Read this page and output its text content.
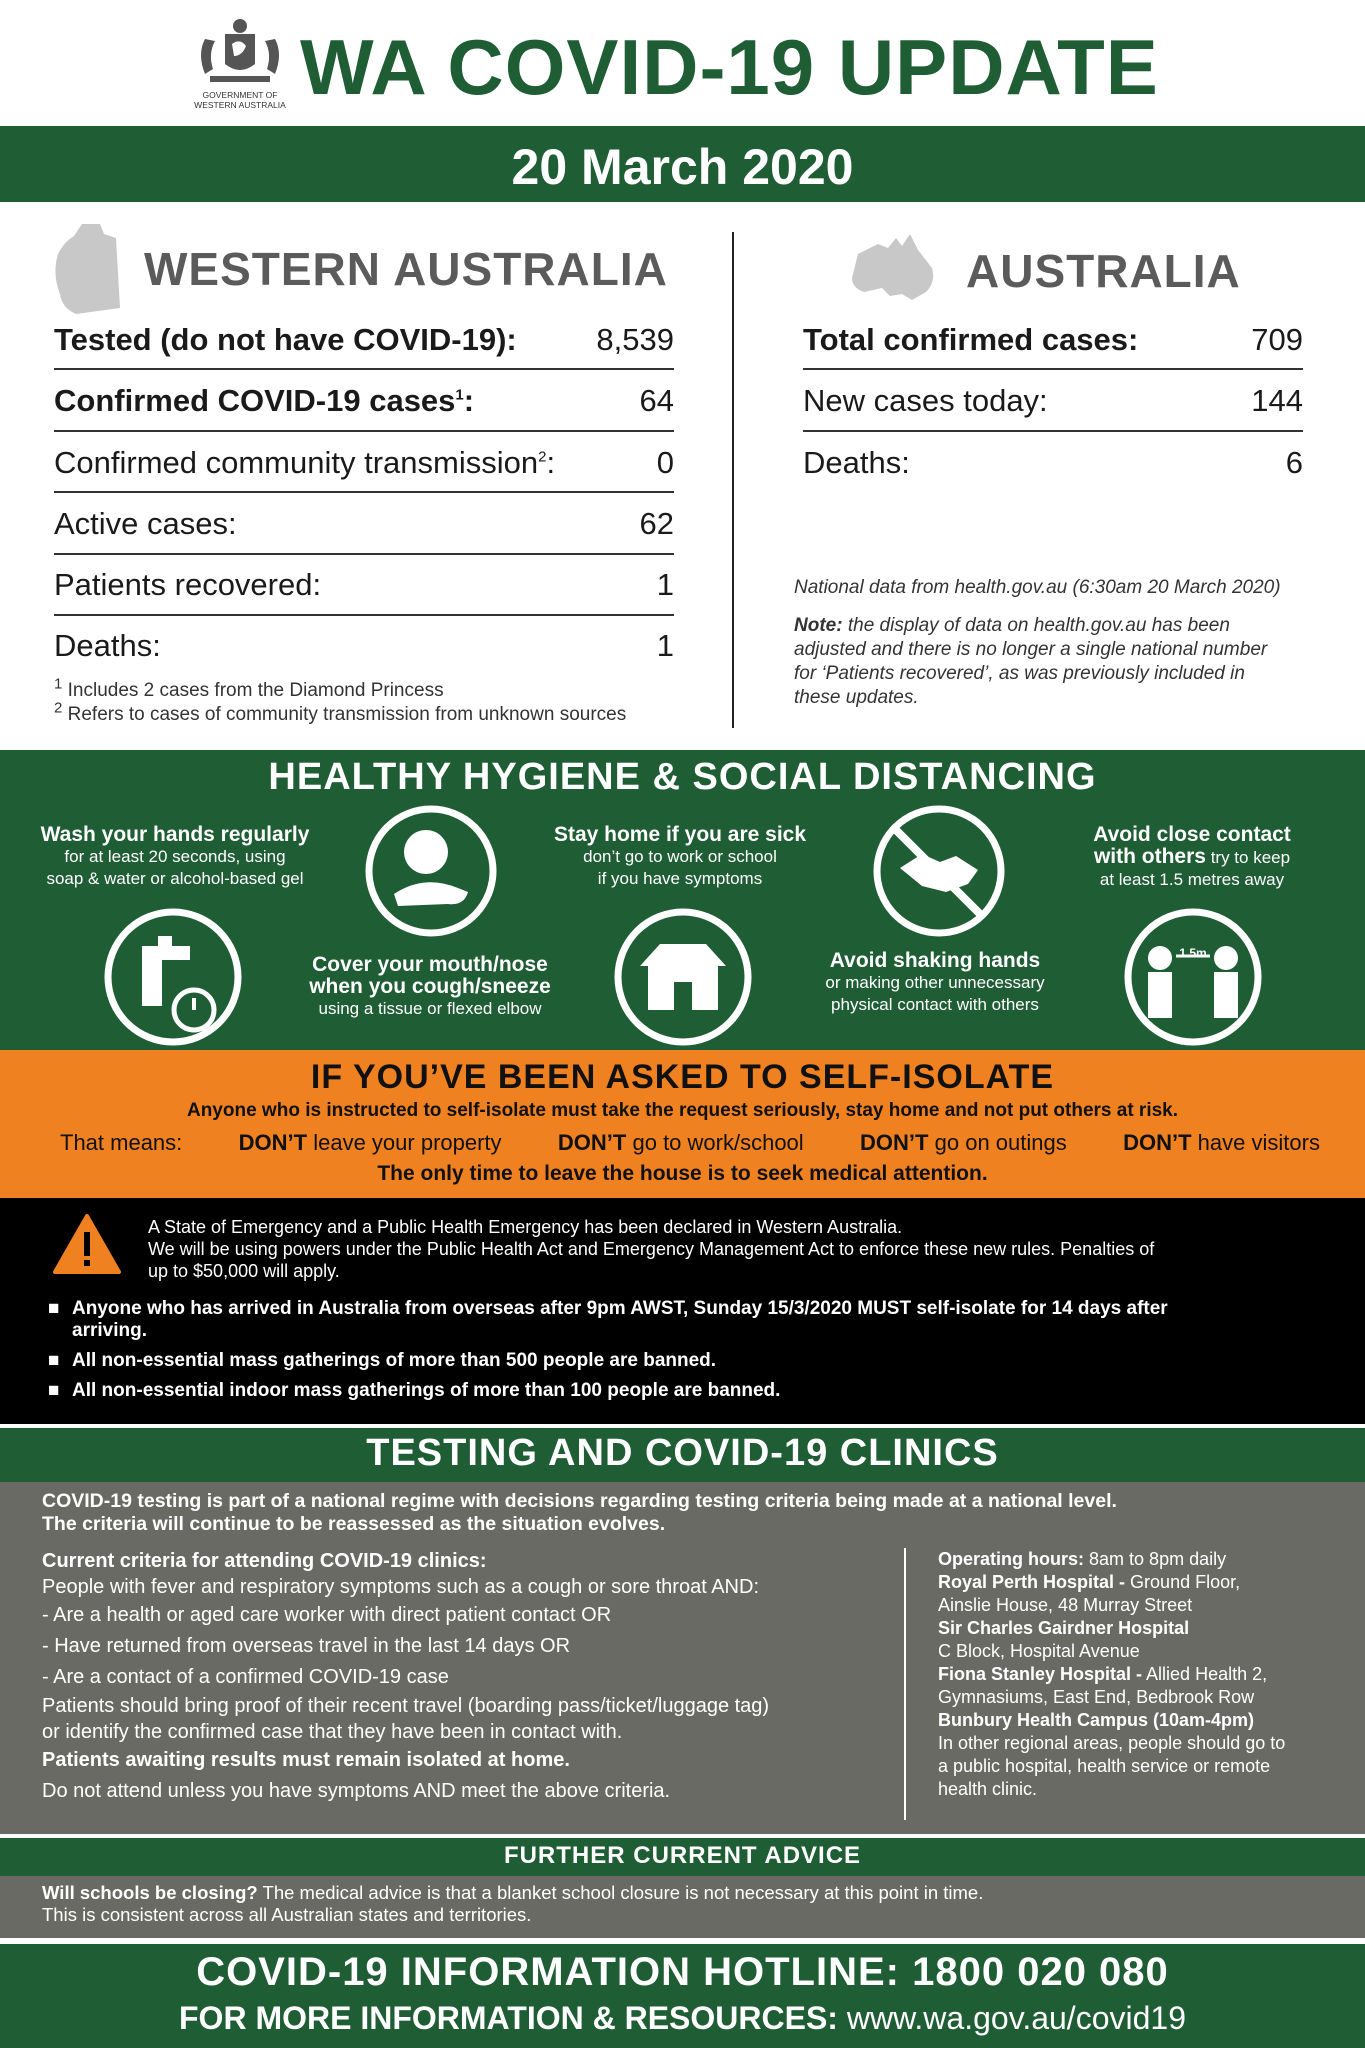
GOVERNMENT OF
WESTERN AUSTRALIA WA COVID-19 UPDATE
20 March 2020
WESTERN AUSTRALIA
Tested (do not have COVID-19):	8,539
Confirmed COVID-19 cases$^1$:	64
Confirmed community transmission$^2$:	0
Active cases:	62
Patients recovered:	1
Deaths:	1
$^1$ Includes 2 cases from the Diamond Princess
$^2$ Refers to cases of community transmission from unknown sources
AUSTRALIA
Total confirmed cases:	709
New cases today:	144
Deaths:	6
National data from health.gov.au (6:30am 20 March 2020)
Note: the display of data on health.gov.au has been
adjusted and there is no longer a single national number
for ‘Patients recovered’, as was previously included in
these updates.
HEALTHY HYGIENE & SOCIAL DISTANCING
Wash your hands regularly
for at least 20 seconds, using
soap & water or alcohol-based gel
Cover your mouth/nose
when you cough/sneeze
using a tissue or flexed elbow
Stay home if you are sick
don’t go to work or school
if you have symptoms
Avoid shaking hands
or making other unnecessary
physical contact with others
Avoid close contact
with others try to keep
at least 1.5 metres away
1.5m
IF YOU’VE BEEN ASKED TO SELF-ISOLATE
Anyone who is instructed to self-isolate must take the request seriously, stay home and not put others at risk.
That means:	DON’T leave your property	DON’T go to work/school	DON’T go on outings	DON’T have visitors
The only time to leave the house is to seek medical attention.
A State of Emergency and a Public Health Emergency has been declared in Western Australia.
We will be using powers under the Public Health Act and Emergency Management Act to enforce these new rules. Penalties of
up to $50,000 will apply.
■ Anyone who has arrived in Australia from overseas after 9pm AWST, Sunday 15/3/2020 MUST self-isolate for 14 days after
arriving.
■ All non-essential mass gatherings of more than 500 people are banned.
■ All non-essential indoor mass gatherings of more than 100 people are banned.
TESTING AND COVID-19 CLINICS
COVID-19 testing is part of a national regime with decisions regarding testing criteria being made at a national level.
The criteria will continue to be reassessed as the situation evolves.
Current criteria for attending COVID-19 clinics:
People with fever and respiratory symptoms such as a cough or sore throat AND:
- Are a health or aged care worker with direct patient contact OR
- Have returned from overseas travel in the last 14 days OR
- Are a contact of a confirmed COVID-19 case
Patients should bring proof of their recent travel (boarding pass/ticket/luggage tag)
or identify the confirmed case that they have been in contact with.
Patients awaiting results must remain isolated at home.
Do not attend unless you have symptoms AND meet the above criteria.
Operating hours: 8am to 8pm daily
Royal Perth Hospital - Ground Floor,
Ainslie House, 48 Murray Street
Sir Charles Gairdner Hospital
C Block, Hospital Avenue
Fiona Stanley Hospital - Allied Health 2,
Gymnasiums, East End, Bedbrook Row
Bunbury Health Campus (10am-4pm)
In other regional areas, people should go to
a public hospital, health service or remote
health clinic.
FURTHER CURRENT ADVICE
Will schools be closing? The medical advice is that a blanket school closure is not necessary at this point in time.
This is consistent across all Australian states and territories.
COVID-19 INFORMATION HOTLINE: 1800 020 080
FOR MORE INFORMATION & RESOURCES: www.wa.gov.au/covid19
